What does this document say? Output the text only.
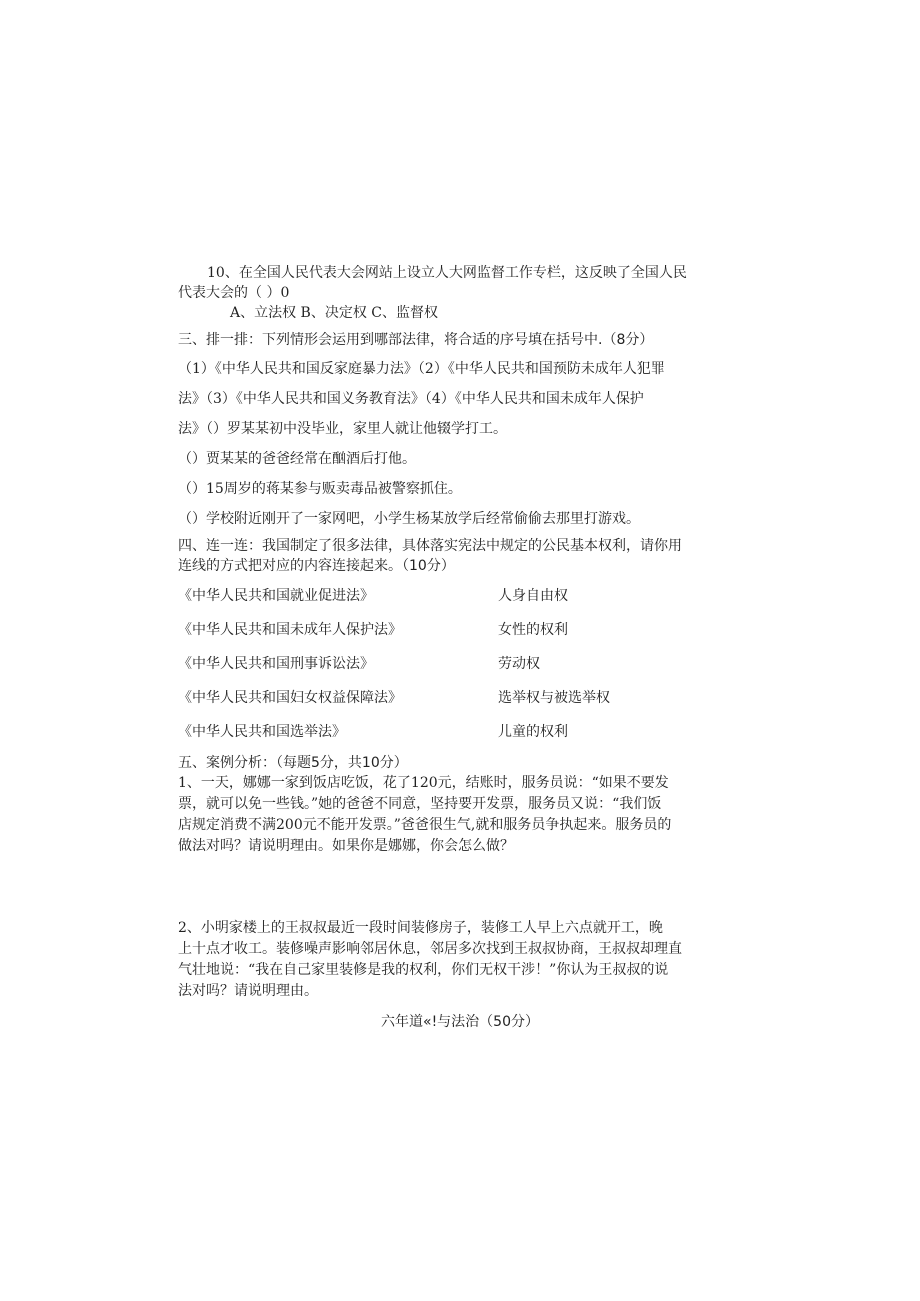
10、在全国人民代表大会网站上设立人大网监督工作专栏，这反映了全国人民
代表大会的（ ）0
A、立法权 B、决定权 C、监督权
三、排一排：下列情形会运用到哪部法律，将合适的序号填在括号中.（8分）
（1）《中华人民共和国反家庭暴力法》（2）《中华人民共和国预防未成年人犯罪
法》（3）《中华人民共和国义务教育法》（4）《中华人民共和国未成年人保护
法》（）罗某某初中没毕业，家里人就让他辍学打工。
（）贾某某的爸爸经常在酗酒后打他。
（）15周岁的蒋某参与贩卖毒品被警察抓住。
（）学校附近刚开了一家网吧，小学生杨某放学后经常偷偷去那里打游戏。
四、连一连：我国制定了很多法律，具体落实宪法中规定的公民基本权利，请你用
连线的方式把对应的内容连接起来。（10分）
《中华人民共和国就业促进法》	人身自由权
《中华人民共和国未成年人保护法》	女性的权利
《中华人民共和国刑事诉讼法》	劳动权
《中华人民共和国妇女权益保障法》	选举权与被选举权
《中华人民共和国选举法》	儿童的权利
五、案例分析：（每题5分，共10分）
1、一天，娜娜一家到饭店吃饭，花了120元，结账时，服务员说：“如果不要发
票，就可以免一些钱。”她的爸爸不同意，坚持要开发票，服务员又说：“我们饭
店规定消费不满200元不能开发票。”爸爸很生气,就和服务员争执起来。服务员的
做法对吗？请说明理由。如果你是娜娜，你会怎么做？
2、小明家楼上的王叔叔最近一段时间装修房子，装修工人早上六点就开工，晚
上十点才收工。装修噪声影响邻居休息，邻居多次找到王叔叔协商，王叔叔却理直
气壮地说：“我在自己家里装修是我的权利，你们无权干涉！”你认为王叔叔的说
法对吗？请说明理由。
六年道«!与法治（50分）
